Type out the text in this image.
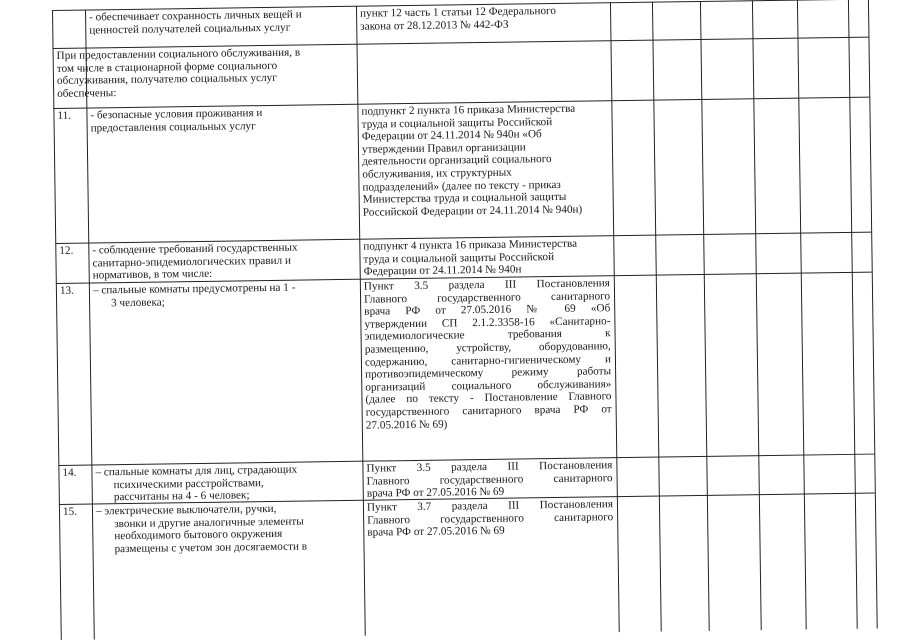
- обеспечивает сохранность личных вещей и
ценностей получателей социальных услуг
пункт 12 часть 1 статьи 12 Федерального
закона от 28.12.2013 № 442-ФЗ
При предоставлении социального обслуживания, в
том числе в стационарной форме социального
обслуживания, получателю социальных услуг
обеспечены:
11. - безопасные условия проживания и
предоставления социальных услуг
подпункт 2 пункта 16 приказа Министерства
труда и социальной защиты Российской
Федерации от 24.11.2014 № 940н «Об
утверждении Правил организации
деятельности организаций социального
обслуживания, их структурных
подразделений» (далее по тексту - приказ
Министерства труда и социальной защиты
Российской Федерации от 24.11.2014 № 940н)
12. - соблюдение требований государственных
санитарно-эпидемиологических правил и
нормативов, в том числе:
подпункт 4 пункта 16 приказа Министерства
труда и социальной защиты Российской
Федерации от 24.11.2014 № 940н
13. – спальные комнаты предусмотрены на 1 -
3 человека;
Пункт 3.5 раздела III Постановления
Главного государственного санитарного
врача РФ от 27.05.2016 № 69 «Об
утверждении СП 2.1.2.3358-16 «Санитарно-
эпидемиологические требования к
размещению, устройству, оборудованию,
содержанию, санитарно-гигиеническому и
противоэпидемическому режиму работы
организаций социального обслуживания»
(далее по тексту - Постановление Главного
государственного санитарного врача РФ от
27.05.2016 № 69)
14. – спальные комнаты для лиц, страдающих
психическими расстройствами,
рассчитаны на 4 - 6 человек;
Пункт 3.5 раздела III Постановления
Главного государственного санитарного
врача РФ от 27.05.2016 № 69
15. – электрические выключатели, ручки,
звонки и другие аналогичные элементы
необходимого бытового окружения
размещены с учетом зон досягаемости в
Пункт 3.7 раздела III Постановления
Главного государственного санитарного
врача РФ от 27.05.2016 № 69
